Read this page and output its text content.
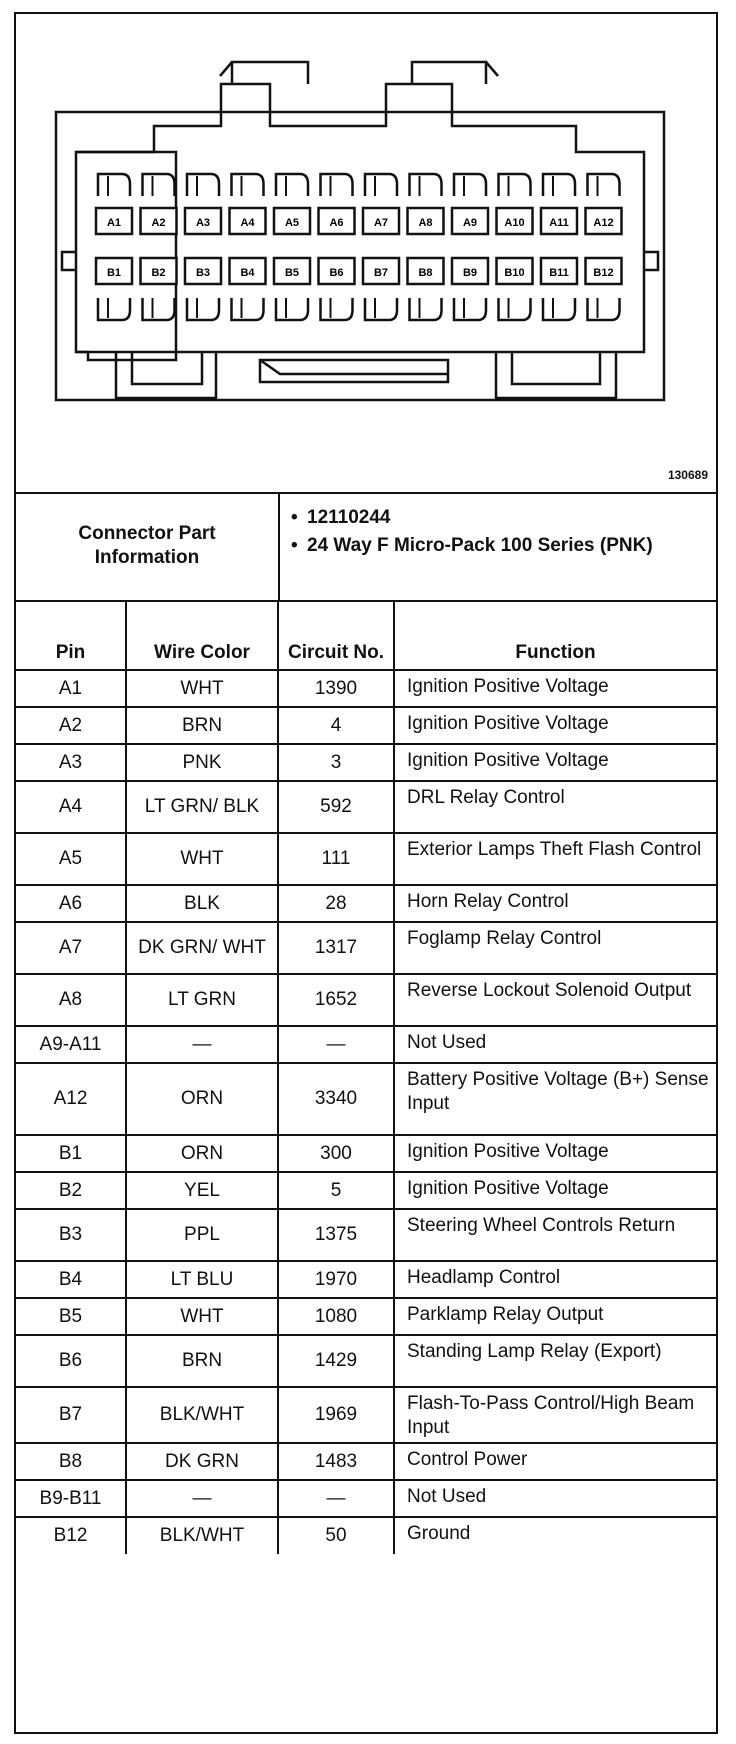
A1	A2	A3	A4	A5	A6	A7	A8	A9 A10 A11 A12
B1	B2	B3	B4	B5	B6	B7	B8	B9 B10 B11 B12
130689
Connector Part Information
• 12110244
• 24 Way F Micro-Pack 100 Series (PNK)
Pin	Wire Color	Circuit No.	Function
A1	WHT	1390	Ignition Positive Voltage
A2	BRN	4	Ignition Positive Voltage
A3	PNK	3	Ignition Positive Voltage
A4	LT GRN/ BLK	592	DRL Relay Control
A5	WHT	111	Exterior Lamps Theft Flash Control
A6	BLK	28	Horn Relay Control
A7	DK GRN/ WHT	1317	Foglamp Relay Control
A8	LT GRN	1652	Reverse Lockout Solenoid Output
A9-A11	—	—	Not Used
A12	ORN	3340	Battery Positive Voltage (B+) Sense Input
B1	ORN	300	Ignition Positive Voltage
B2	YEL	5	Ignition Positive Voltage
B3	PPL	1375	Steering Wheel Controls Return
B4	LT BLU	1970	Headlamp Control
B5	WHT	1080	Parklamp Relay Output
B6	BRN	1429	Standing Lamp Relay (Export)
B7	BLK/WHT	1969	Flash-To-Pass Control/High Beam Input
B8	DK GRN	1483	Control Power
B9-B11	—	—	Not Used
B12	BLK/WHT	50	Ground
